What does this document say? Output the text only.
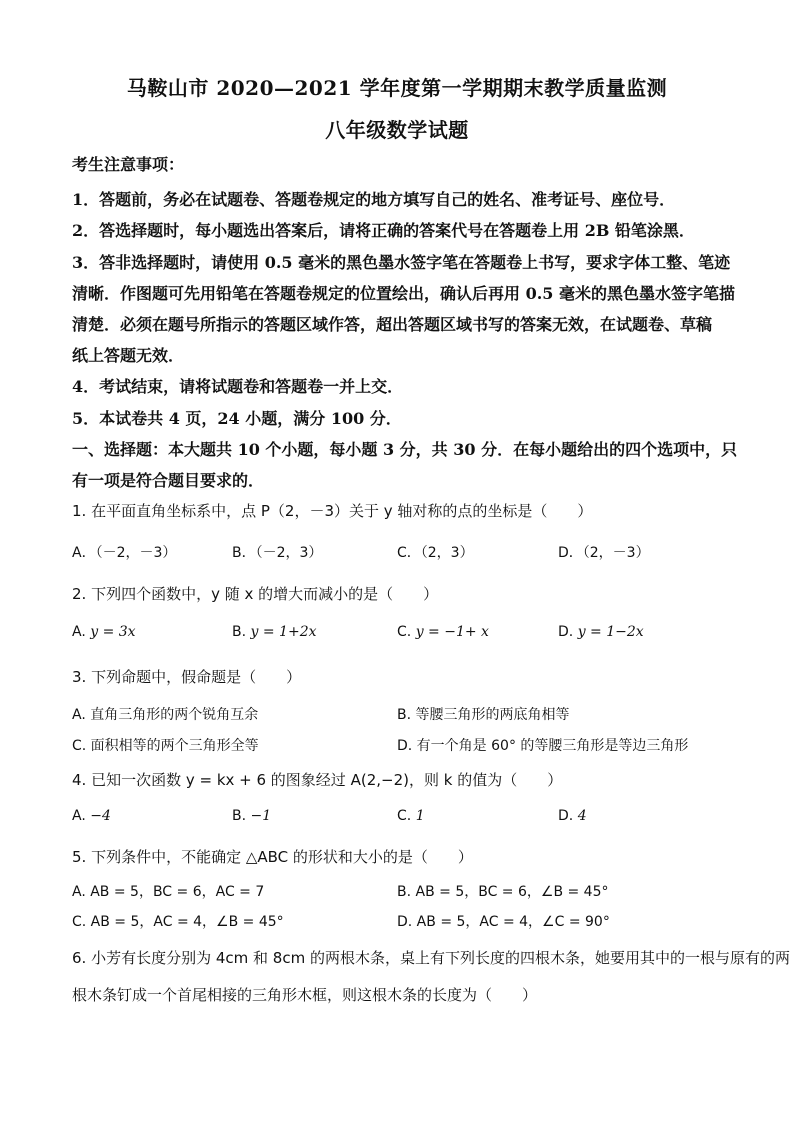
马鞍山市 2020—2021 学年度第一学期期末教学质量监测
八年级数学试题
考生注意事项：
1．答题前，务必在试题卷、答题卷规定的地方填写自己的姓名、准考证号、座位号．
2．答选择题时，每小题选出答案后，请将正确的答案代号在答题卷上用 2B 铅笔涂黑．
3．答非选择题时，请使用 0.5 毫米的黑色墨水签字笔在答题卷上书写，要求字体工整、笔迹
清晰．作图题可先用铅笔在答题卷规定的位置绘出，确认后再用 0.5 毫米的黑色墨水签字笔描
清楚．必须在题号所指示的答题区域作答，超出答题区域书写的答案无效，在试题卷、草稿
纸上答题无效．
4．考试结束，请将试题卷和答题卷一并上交．
5．本试卷共 4 页，24 小题，满分 100 分．
一、选择题：本大题共 10 个小题，每小题 3 分，共 30 分．在每小题给出的四个选项中，只
有一项是符合题目要求的．
1. 在平面直角坐标系中，点 P（2，－3）关于 y 轴对称的点的坐标是（　　）
A．（－2，－3）	B．（－2，3）	C．（2，3）	D．（2，－3）
2. 下列四个函数中，y 随 x 的增大而减小的是（　　）
A. y = 3x	B. y = 1+2x	C. y = −1+ x	D. y = 1−2x
3. 下列命题中，假命题是（　　）
A. 直角三角形的两个锐角互余	B. 等腰三角形的两底角相等
C. 面积相等的两个三角形全等	D. 有一个角是 60° 的等腰三角形是等边三角形
4. 已知一次函数 y = kx + 6 的图象经过 A(2,−2)，则 k 的值为（　　）
A. −4	B. −1	C. 1	D. 4
5. 下列条件中，不能确定 △ABC 的形状和大小的是（　　）
A. AB = 5，BC = 6，AC = 7	B. AB = 5，BC = 6，∠B = 45°
C. AB = 5，AC = 4，∠B = 45°	D. AB = 5，AC = 4，∠C = 90°
6. 小芳有长度分别为 4cm 和 8cm 的两根木条，桌上有下列长度的四根木条，她要用其中的一根与原有的两
根木条钉成一个首尾相接的三角形木框，则这根木条的长度为（　　）
